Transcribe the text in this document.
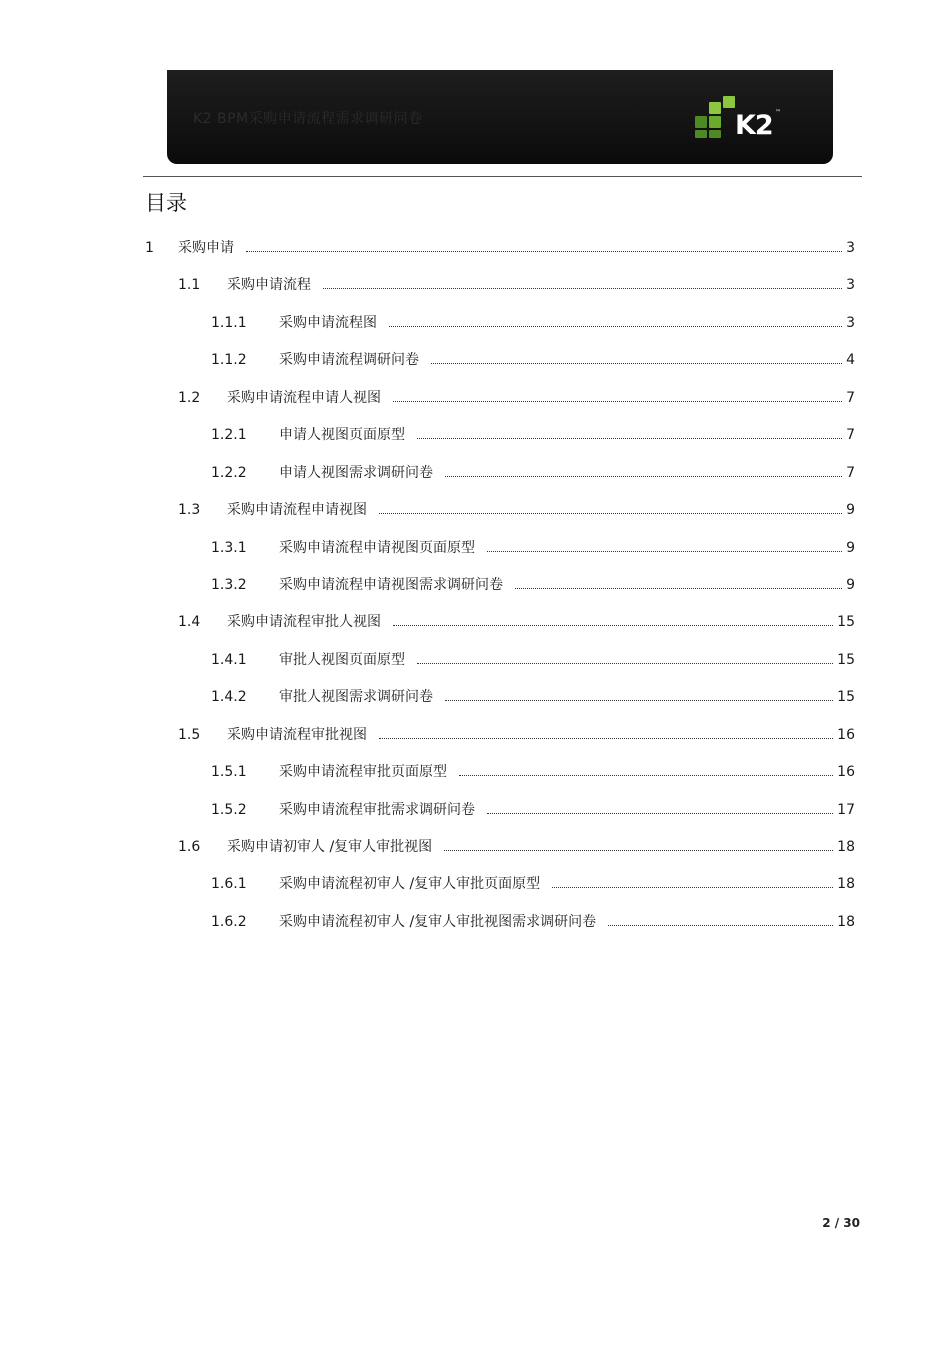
K2 BPM采购申请流程需求调研问卷	K2 ™
目录
1 采购申请	3
1.1 采购申请流程	3
1.1.1 采购申请流程图	3
1.1.2 采购申请流程调研问卷	4
1.2 采购申请流程申请人视图	7
1.2.1 申请人视图页面原型	7
1.2.2 申请人视图需求调研问卷	7
1.3 采购申请流程申请视图	9
1.3.1 采购申请流程申请视图页面原型	9
1.3.2 采购申请流程申请视图需求调研问卷	9
1.4 采购申请流程审批人视图	15
1.4.1 审批人视图页面原型	15
1.4.2 审批人视图需求调研问卷	15
1.5 采购申请流程审批视图	16
1.5.1 采购申请流程审批页面原型	16
1.5.2 采购申请流程审批需求调研问卷	17
1.6 采购申请初审人 /复审人审批视图	18
1.6.1 采购申请流程初审人 /复审人审批页面原型	18
1.6.2 采购申请流程初审人 /复审人审批视图需求调研问卷	18
2 / 30
